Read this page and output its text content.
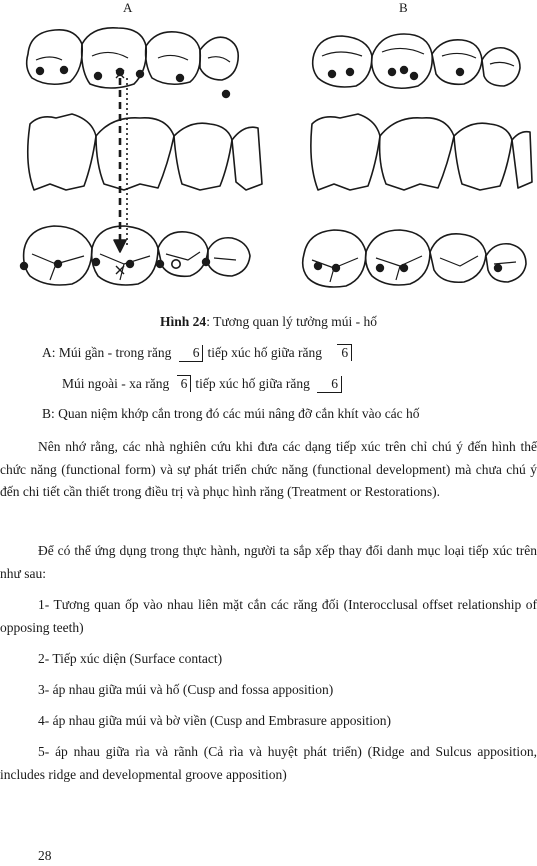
A	B
Hình 24: Tương quan lý tưởng múi - hố
A: Múi gần - trong răng 6 tiếp xúc hố giữa răng 6
Múi ngoài - xa răng 6 tiếp xúc hố giữa răng 6
B: Quan niệm khớp cắn trong đó các múi nâng đỡ cắn khít vào các hố
Nên nhớ rằng, các nhà nghiên cứu khi đưa các dạng tiếp xúc trên chỉ chú ý đến hình thể chức năng (functional form) và sự phát triển chức năng (functional development) mà chưa chú ý đến chi tiết cần thiết trong điều trị và phục hình răng (Treatment or Restorations).
Để có thể ứng dụng trong thực hành, người ta sắp xếp thay đổi danh mục loại tiếp xúc trên như sau:
1- Tương quan ốp vào nhau liên mặt cắn các răng đối (Interocclusal offset relationship of opposing teeth)
2- Tiếp xúc diện (Surface contact)
3- áp nhau giữa múi và hố (Cusp and fossa apposition)
4- áp nhau giữa múi và bờ viền (Cusp and Embrasure apposition)
5- áp nhau giữa rìa và rãnh (Cả rìa và huyệt phát triển) (Ridge and Sulcus apposition, includes ridge and developmental groove apposition)
28
